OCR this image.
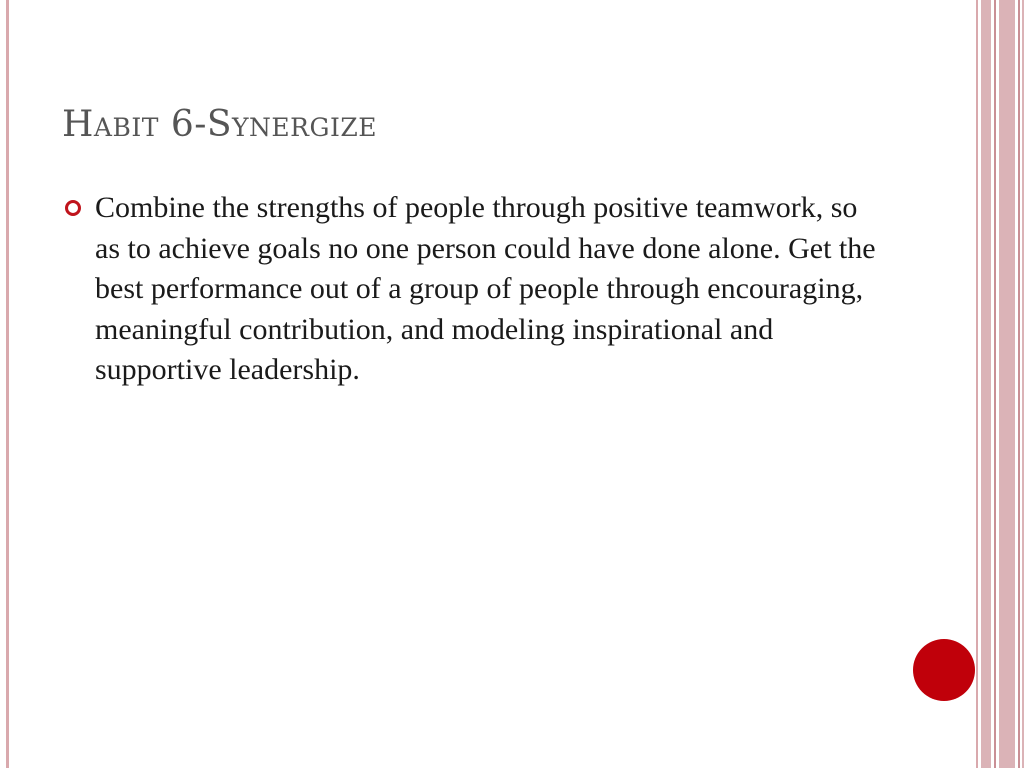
Habit 6-Synergize
Combine the strengths of people through positive teamwork, so as to achieve goals no one person could have done alone. Get the best performance out of a group of people through encouraging, meaningful contribution, and modeling inspirational and supportive leadership.
